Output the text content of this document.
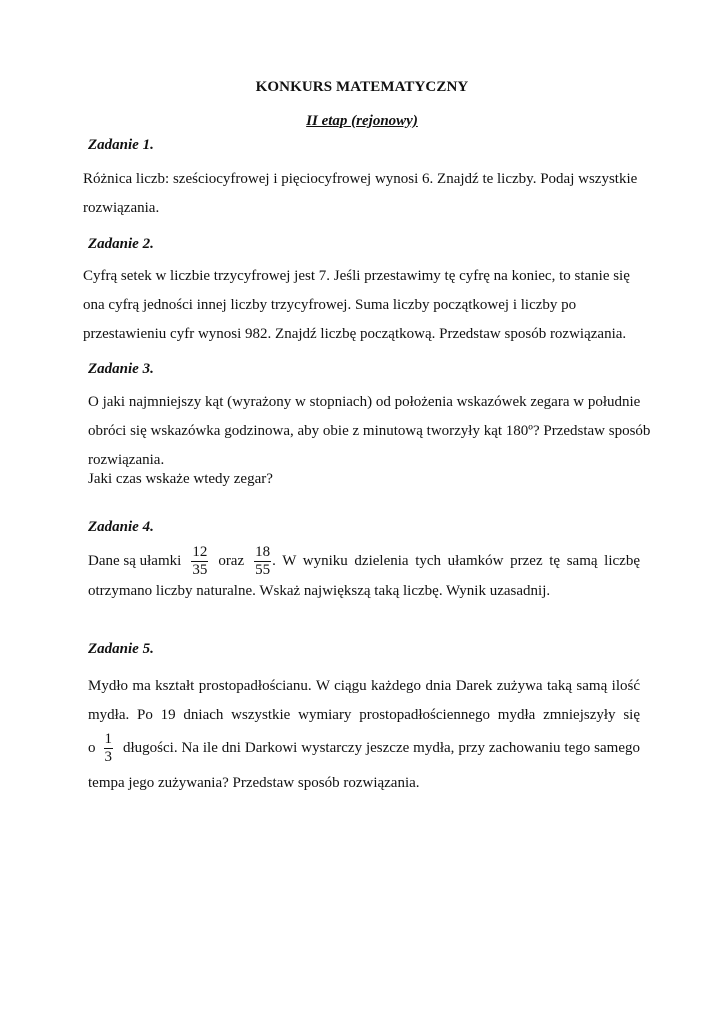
KONKURS MATEMATYCZNY
II etap (rejonowy)
Zadanie 1.
Różnica liczb: sześciocyfrowej i pięciocyfrowej wynosi 6. Znajdź te liczby. Podaj wszystkie
rozwiązania.
Zadanie 2.
Cyfrą setek w liczbie trzycyfrowej jest 7. Jeśli przestawimy tę cyfrę na koniec, to stanie się
ona cyfrą jedności innej liczby trzycyfrowej. Suma liczby początkowej i liczby po
przestawieniu cyfr wynosi 982. Znajdź liczbę początkową. Przedstaw sposób rozwiązania.
Zadanie 3.
O jaki najmniejszy kąt (wyrażony w stopniach) od położenia wskazówek zegara w południe
obróci się wskazówka godzinowa, aby obie z minutową tworzyły kąt 180º? Przedstaw sposób
rozwiązania.
Jaki czas wskaże wtedy zegar?
Zadanie 4.
Dane są ułamki $\frac{12}{35}$ oraz $\frac{18}{55}$ . W wyniku dzielenia tych ułamków przez tę samą liczbę
otrzymano liczby naturalne. Wskaż największą taką liczbę. Wynik uzasadnij.
Zadanie 5.
Mydło ma kształt prostopadłościanu. W ciągu każdego dnia Darek zużywa taką samą ilość
mydła. Po 19 dniach wszystkie wymiary prostopadłościennego mydła zmniejszyły się
o $\frac{1}{3}$ długości. Na ile dni Darkowi wystarczy jeszcze mydła, przy zachowaniu tego samego
tempa jego zużywania? Przedstaw sposób rozwiązania.
